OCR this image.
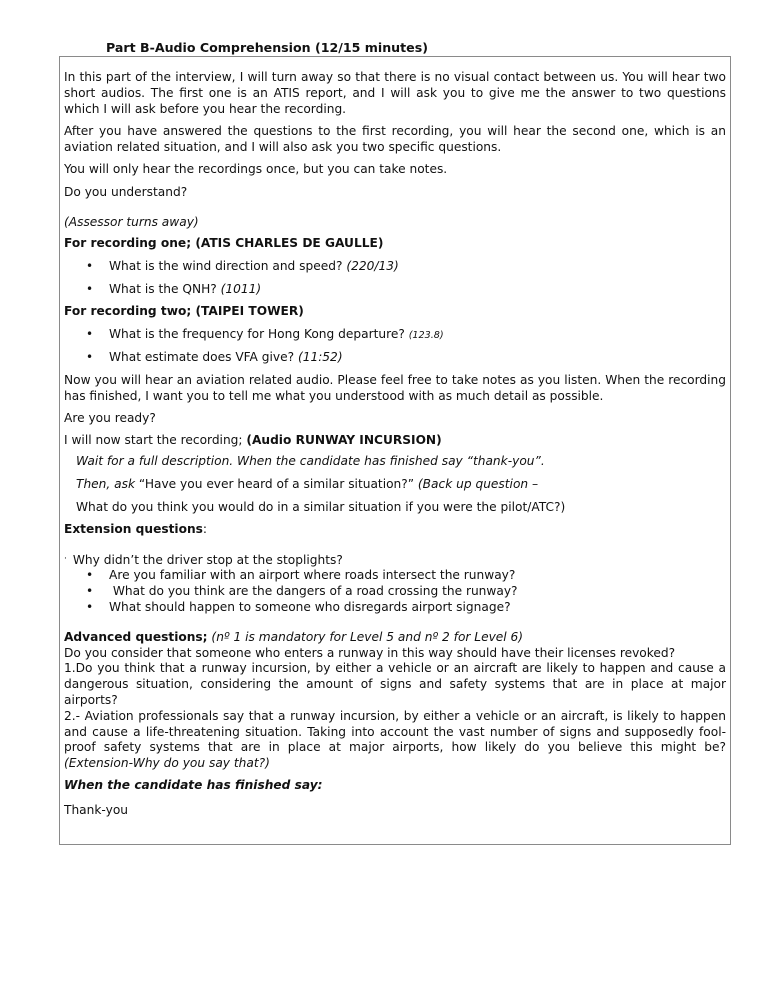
Part B-Audio Comprehension (12/15 minutes)

In this part of the interview, I will turn away so that there is no visual contact between us. You will hear two short audios. The first one is an ATIS report, and I will ask you to give me the answer to two questions which I will ask before you hear the recording.

After you have answered the questions to the first recording, you will hear the second one, which is an aviation related situation, and I will also ask you two specific questions.

You will only hear the recordings once, but you can take notes.

Do you understand?

(Assessor turns away)

For recording one; (ATIS CHARLES DE GAULLE)

• What is the wind direction and speed? (220/13)
• What is the QNH? (1011)

For recording two; (TAIPEI TOWER)

• What is the frequency for Hong Kong departure? (123.8)
• What estimate does VFA give? (11:52)

Now you will hear an aviation related audio. Please feel free to take notes as you listen. When the recording has finished, I want you to tell me what you understood with as much detail as possible.

Are you ready?

I will now start the recording; (Audio RUNWAY INCURSION)

Wait for a full description. When the candidate has finished say “thank-you”.

Then, ask “Have you ever heard of a similar situation?” (Back up question –

What do you think you would do in a similar situation if you were the pilot/ATC?)

Extension questions:

· Why didn’t the driver stop at the stoplights?

• Are you familiar with an airport where roads intersect the runway?
• What do you think are the dangers of a road crossing the runway?
• What should happen to someone who disregards airport signage?

Advanced questions; (nº 1 is mandatory for Level 5 and nº 2 for Level 6)

Do you consider that someone who enters a runway in this way should have their licenses revoked?

1.Do you think that a runway incursion, by either a vehicle or an aircraft are likely to happen and cause a dangerous situation, considering the amount of signs and safety systems that are in place at major airports?

2.- Aviation professionals say that a runway incursion, by either a vehicle or an aircraft, is likely to happen and cause a life-threatening situation. Taking into account the vast number of signs and supposedly fool-proof safety systems that are in place at major airports, how likely do you believe this might be? (Extension-Why do you say that?)

When the candidate has finished say:

Thank-you
